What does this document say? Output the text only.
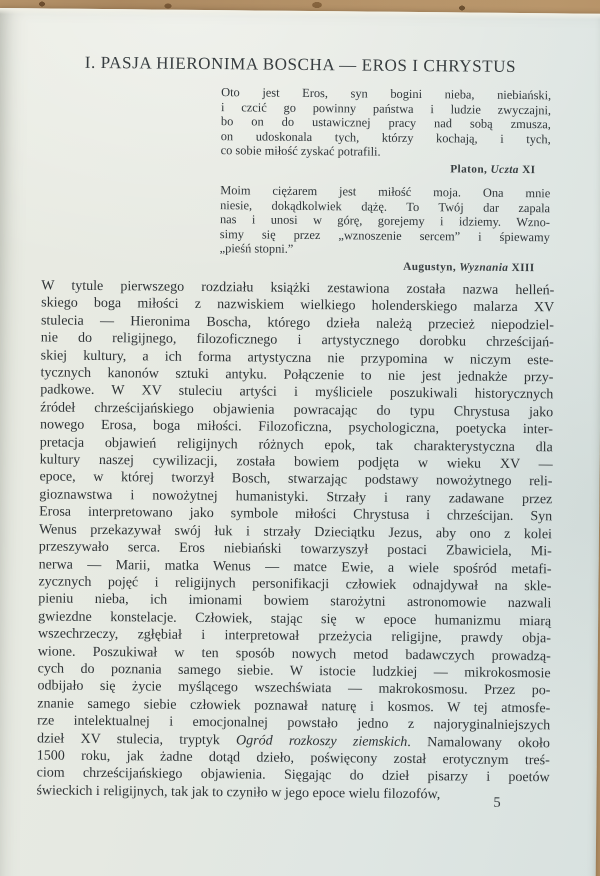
I. PASJA HIERONIMA BOSCHA — EROS I CHRYSTUS
Oto jest Eros, syn bogini nieba, niebiański,
i czcić go powinny państwa i ludzie zwyczajni,
bo on do ustawicznej pracy nad sobą zmusza,
on udoskonala tych, którzy kochają, i tych,
co sobie miłość zyskać potrafili.
Platon, Uczta XI
Moim ciężarem jest miłość moja. Ona mnie
niesie, dokądkolwiek dążę. To Twój dar zapala
nas i unosi w górę, gorejemy i idziemy. Wzno-
simy się przez „wznoszenie sercem” i śpiewamy
„pieśń stopni.”
Augustyn, Wyznania XIII
W tytule pierwszego rozdziału książki zestawiona została nazwa helleń-
skiego boga miłości z nazwiskiem wielkiego holenderskiego malarza XV
stulecia — Hieronima Boscha, którego dzieła należą przecież niepodziel-
nie do religijnego, filozoficznego i artystycznego dorobku chrześcijań-
skiej kultury, a ich forma artystyczna nie przypomina w niczym este-
tycznych kanonów sztuki antyku. Połączenie to nie jest jednakże przy-
padkowe. W XV stuleciu artyści i myśliciele poszukiwali historycznych
źródeł chrześcijańskiego objawienia powracając do typu Chrystusa jako
nowego Erosa, boga miłości. Filozoficzna, psychologiczna, poetycka inter-
pretacja objawień religijnych różnych epok, tak charakterystyczna dla
kultury naszej cywilizacji, została bowiem podjęta w wieku XV —
epoce, w której tworzył Bosch, stwarzając podstawy nowożytnego reli-
gioznawstwa i nowożytnej humanistyki. Strzały i rany zadawane przez
Erosa interpretowano jako symbole miłości Chrystusa i chrześcijan. Syn
Wenus przekazywał swój łuk i strzały Dzieciątku Jezus, aby ono z kolei
przeszywało serca. Eros niebiański towarzyszył postaci Zbawiciela, Mi-
nerwa — Marii, matka Wenus — matce Ewie, a wiele spośród metafi-
zycznych pojęć i religijnych personifikacji człowiek odnajdywał na skle-
pieniu nieba, ich imionami bowiem starożytni astronomowie nazwali
gwiezdne konstelacje. Człowiek, stając się w epoce humanizmu miarą
wszechrzeczy, zgłębiał i interpretował przeżycia religijne, prawdy obja-
wione. Poszukiwał w ten sposób nowych metod badawczych prowadzą-
cych do poznania samego siebie. W istocie ludzkiej — mikrokosmosie
odbijało się życie myślącego wszechświata — makrokosmosu. Przez po-
znanie samego siebie człowiek poznawał naturę i kosmos. W tej atmosfe-
rze intelektualnej i emocjonalnej powstało jedno z najoryginalniejszych
dzieł XV stulecia, tryptyk Ogród rozkoszy ziemskich. Namalowany około
1500 roku, jak żadne dotąd dzieło, poświęcony został erotycznym treś-
ciom chrześcijańskiego objawienia. Sięgając do dzieł pisarzy i poetów
świeckich i religijnych, tak jak to czyniło w jego epoce wielu filozofów,
5
